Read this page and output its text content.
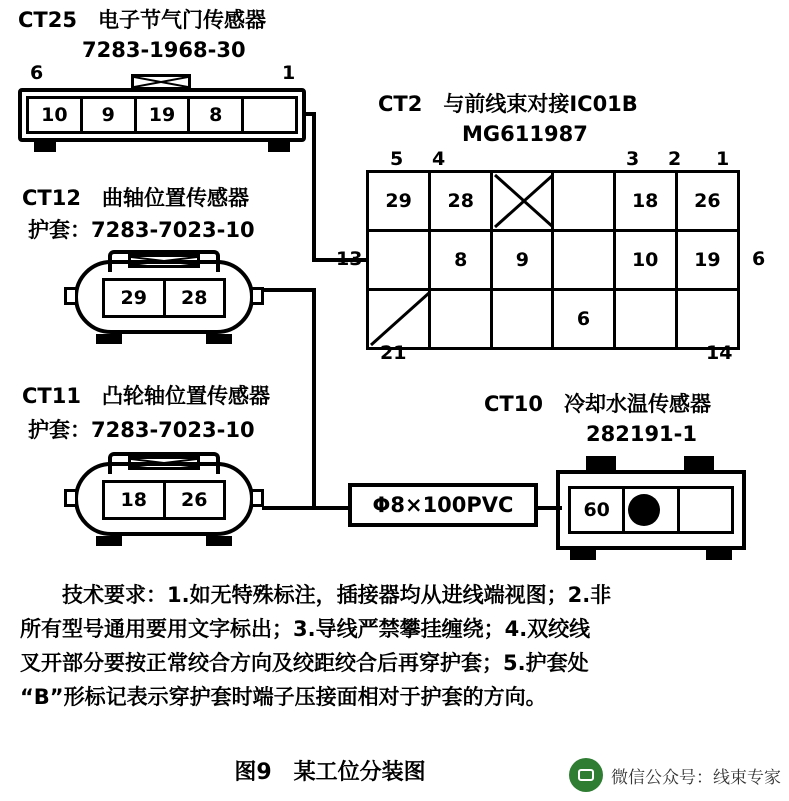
CT25　电子节气门传感器
7283-1968-30
6	1
10	9	19	8
CT12　曲轴位置传感器
护套：7283-7023-10
29	28
CT11　凸轮轴位置传感器
护套：7283-7023-10
18	26
CT2　与前线束对接IC01B
MG611987
5 4	3 2 1
6
21	14
29	28			18	26
	8	9		10	19

			6		
CT10　冷却水温传感器
282191-1
60
Φ8×100PVC

　　技术要求：1.如无特殊标注，插接器均从进线端视图；2.非

所有型号通用要用文字标出；3.导线严禁攀挂缠绕；4.双绞线

叉开部分要按正常绞合方向及绞距绞合后再穿护套；5.护套处

“B”形标记表示穿护套时端子压接面相对于护套的方向。

图9　某工位分装图	微信公众号：线束专家
